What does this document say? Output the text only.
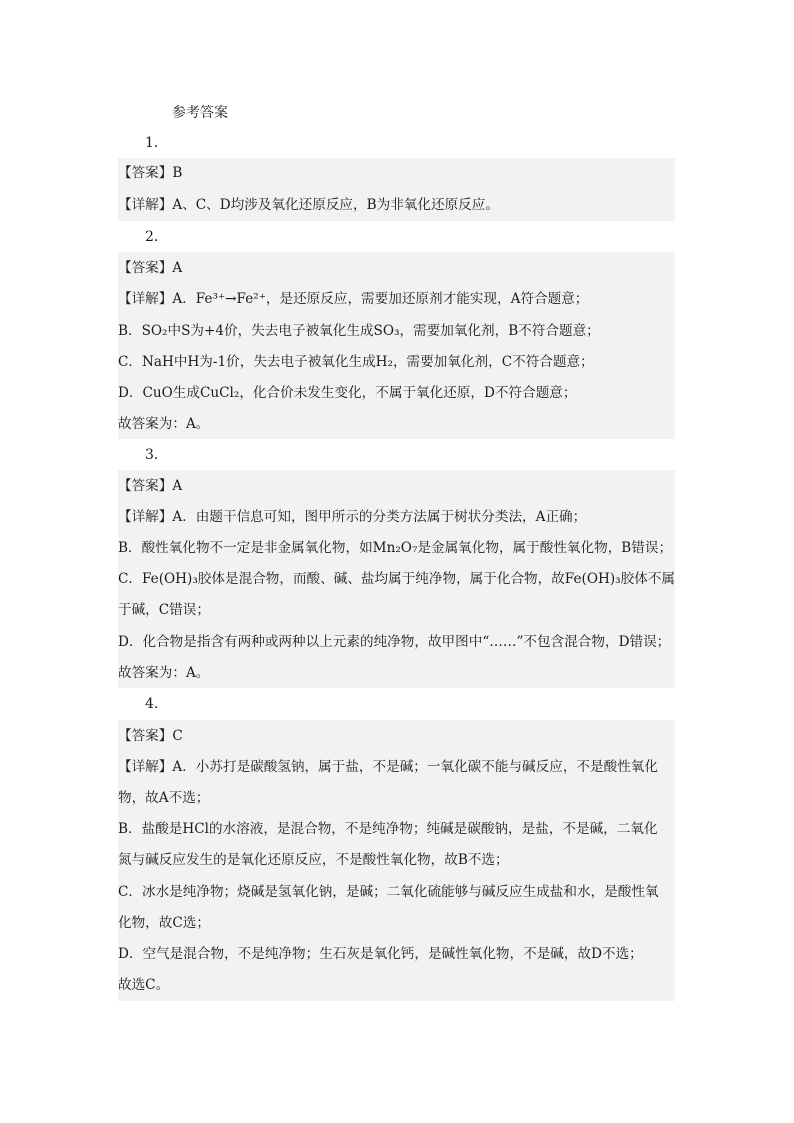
参考答案
1．
【答案】B
【详解】A、C、D均涉及氧化还原反应，B为非氧化还原反应。
2．
【答案】A
【详解】A．Fe³⁺→Fe²⁺，是还原反应，需要加还原剂才能实现，A符合题意；
B．SO₂中S为+4价，失去电子被氧化生成SO₃，需要加氧化剂，B不符合题意；
C．NaH中H为-1价，失去电子被氧化生成H₂，需要加氧化剂，C不符合题意；
D．CuO生成CuCl₂，化合价未发生变化，不属于氧化还原，D不符合题意；
故答案为：A。
3．
【答案】A
【详解】A．由题干信息可知，图甲所示的分类方法属于树状分类法，A正确；
B．酸性氧化物不一定是非金属氧化物，如Mn₂O₇是金属氧化物，属于酸性氧化物，B错误；
C．Fe(OH)₃胶体是混合物，而酸、碱、盐均属于纯净物，属于化合物，故Fe(OH)₃胶体不属
于碱，C错误；
D．化合物是指含有两种或两种以上元素的纯净物，故甲图中“……”不包含混合物，D错误；
故答案为：A。
4．
【答案】C
【详解】A．小苏打是碳酸氢钠，属于盐，不是碱；一氧化碳不能与碱反应，不是酸性氧化
物，故A不选；
B．盐酸是HCl的水溶液，是混合物，不是纯净物；纯碱是碳酸钠，是盐，不是碱，二氧化
氮与碱反应发生的是氧化还原反应，不是酸性氧化物，故B不选；
C．冰水是纯净物；烧碱是氢氧化钠，是碱；二氧化硫能够与碱反应生成盐和水，是酸性氧
化物，故C选；
D．空气是混合物，不是纯净物；生石灰是氧化钙，是碱性氧化物，不是碱，故D不选；
故选C。
